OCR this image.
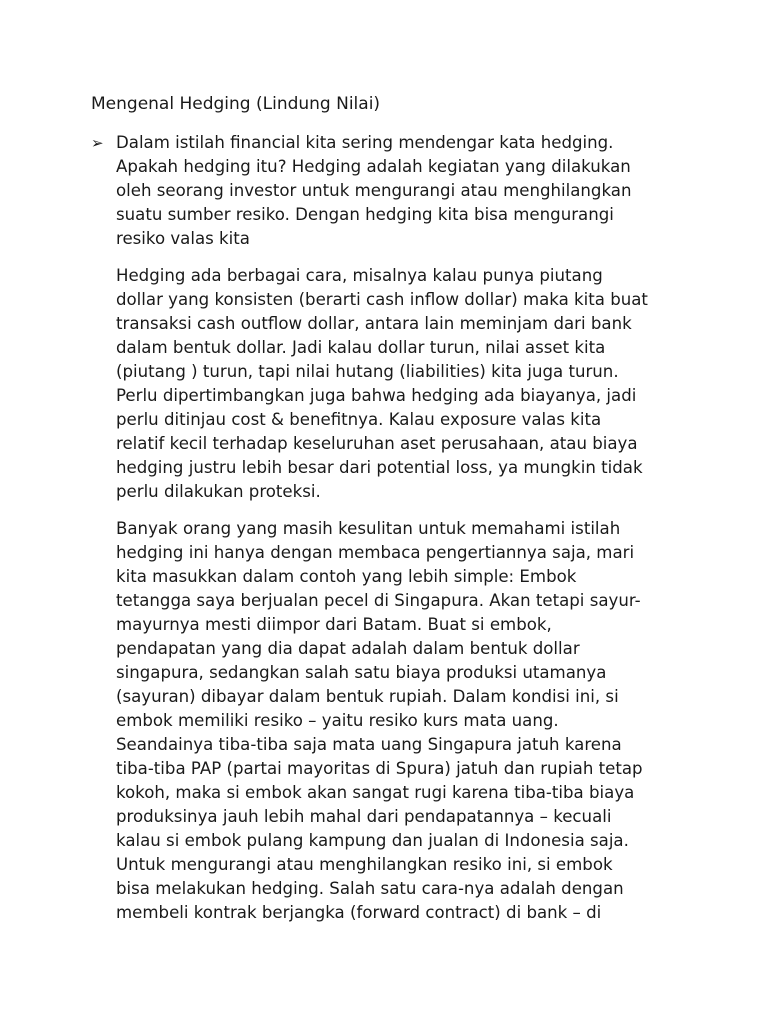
Mengenal Hedging (Lindung Nilai)
➢ Dalam istilah financial kita sering mendengar kata hedging.
Apakah hedging itu? Hedging adalah kegiatan yang dilakukan
oleh seorang investor untuk mengurangi atau menghilangkan
suatu sumber resiko. Dengan hedging kita bisa mengurangi
resiko valas kita
Hedging ada berbagai cara, misalnya kalau punya piutang
dollar yang konsisten (berarti cash inflow dollar) maka kita buat
transaksi cash outflow dollar, antara lain meminjam dari bank
dalam bentuk dollar. Jadi kalau dollar turun, nilai asset kita
(piutang ) turun, tapi nilai hutang (liabilities) kita juga turun.
Perlu dipertimbangkan juga bahwa hedging ada biayanya, jadi
perlu ditinjau cost & benefitnya. Kalau exposure valas kita
relatif kecil terhadap keseluruhan aset perusahaan, atau biaya
hedging justru lebih besar dari potential loss, ya mungkin tidak
perlu dilakukan proteksi.
Banyak orang yang masih kesulitan untuk memahami istilah
hedging ini hanya dengan membaca pengertiannya saja, mari
kita masukkan dalam contoh yang lebih simple: Embok
tetangga saya berjualan pecel di Singapura. Akan tetapi sayur-
mayurnya mesti diimpor dari Batam. Buat si embok,
pendapatan yang dia dapat adalah dalam bentuk dollar
singapura, sedangkan salah satu biaya produksi utamanya
(sayuran) dibayar dalam bentuk rupiah. Dalam kondisi ini, si
embok memiliki resiko – yaitu resiko kurs mata uang.
Seandainya tiba-tiba saja mata uang Singapura jatuh karena
tiba-tiba PAP (partai mayoritas di Spura) jatuh dan rupiah tetap
kokoh, maka si embok akan sangat rugi karena tiba-tiba biaya
produksinya jauh lebih mahal dari pendapatannya – kecuali
kalau si embok pulang kampung dan jualan di Indonesia saja.
Untuk mengurangi atau menghilangkan resiko ini, si embok
bisa melakukan hedging. Salah satu cara-nya adalah dengan
membeli kontrak berjangka (forward contract) di bank – di
